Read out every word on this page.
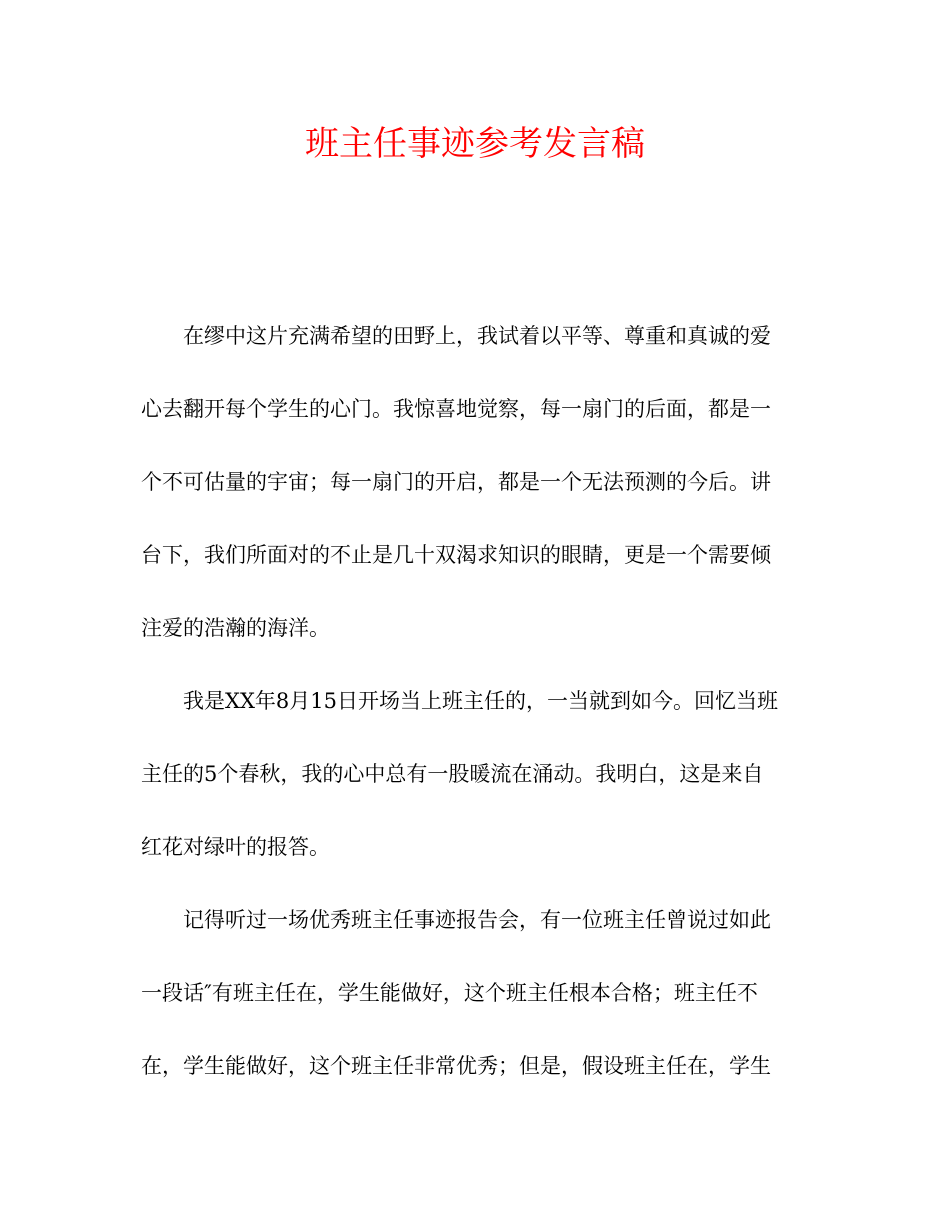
班主任事迹参考发言稿
在缪中这片充满希望的田野上，我试着以平等、尊重和真诚的爱
心去翻开每个学生的心门。我惊喜地觉察，每一扇门的后面，都是一
个不可估量的宇宙；每一扇门的开启，都是一个无法预测的今后。讲
台下，我们所面对的不止是几十双渴求知识的眼睛，更是一个需要倾
注爱的浩瀚的海洋。
我是XX年8月15日开场当上班主任的，一当就到如今。回忆当班
主任的5个春秋，我的心中总有一股暖流在涌动。我明白，这是来自
红花对绿叶的报答。
记得听过一场优秀班主任事迹报告会，有一位班主任曾说过如此
一段话″有班主任在，学生能做好，这个班主任根本合格；班主任不
在，学生能做好，这个班主任非常优秀；但是，假设班主任在，学生
